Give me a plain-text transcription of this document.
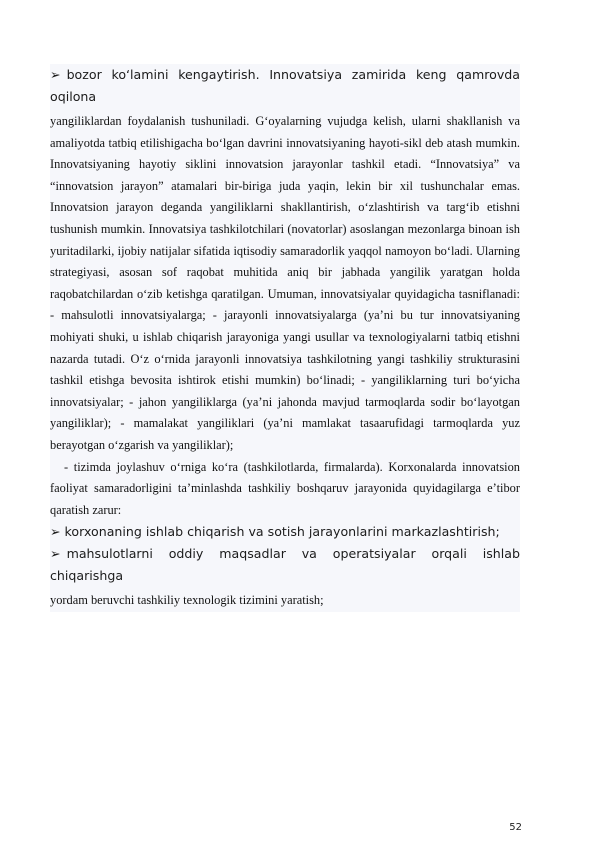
➢ bozor ko‘lamini kengaytirish. Innovatsiya zamirida keng qamrovda
oqilona

yangiliklardan foydalanish tushuniladi. G‘oyalarning vujudga kelish, ularni shakllanish va amaliyotda tatbiq etilishigacha bo‘lgan davrini innovatsiyaning hayoti-sikl deb atash mumkin. Innovatsiyaning hayotiy siklini innovatsion jarayonlar tashkil etadi. “Innovatsiya” va “innovatsion jarayon” atamalari bir-biriga juda yaqin, lekin bir xil tushunchalar emas. Innovatsion jarayon deganda yangiliklarni shakllantirish, o‘zlashtirish va targ‘ib etishni tushunish mumkin. Innovatsiya tashkilotchilari (novatorlar) asoslangan mezonlarga binoan ish yuritadilarki, ijobiy natijalar sifatida iqtisodiy samaradorlik yaqqol namoyon bo‘ladi. Ularning strategiyasi, asosan sof raqobat muhitida aniq bir jabhada yangilik yaratgan holda raqobatchilardan o‘zib ketishga qaratilgan. Umuman, innovatsiyalar quyidagicha tasniflanadi: - mahsulotli innovatsiyalarga; - jarayonli innovatsiyalarga (ya’ni bu tur innovatsiyaning mohiyati shuki, u ishlab chiqarish jarayoniga yangi usullar va texnologiyalarni tatbiq etishni nazarda tutadi. O‘z o‘rnida jarayonli innovatsiya tashkilotning yangi tashkiliy strukturasini tashkil etishga bevosita ishtirok etishi mumkin) bo‘linadi; - yangiliklarning turi bo‘yicha innovatsiyalar; - jahon yangiliklarga (ya’ni jahonda mavjud tarmoqlarda sodir bo‘layotgan yangiliklar); - mamalakat yangiliklari (ya’ni mamlakat tasaarufidagi tarmoqlarda yuz berayotgan o‘zgarish va yangiliklar);

- tizimda joylashuv o‘rniga ko‘ra (tashkilotlarda, firmalarda). Korxonalarda innovatsion faoliyat samaradorligini ta’minlashda tashkiliy boshqaruv jarayonida quyidagilarga e’tibor qaratish zarur:

➢ korxonaning ishlab chiqarish va sotish jarayonlarini markazlashtirish;
➢ mahsulotlarni oddiy maqsadlar va operatsiyalar orqali ishlab
chiqarishga

yordam beruvchi tashkiliy texnologik tizimini yaratish;

52
